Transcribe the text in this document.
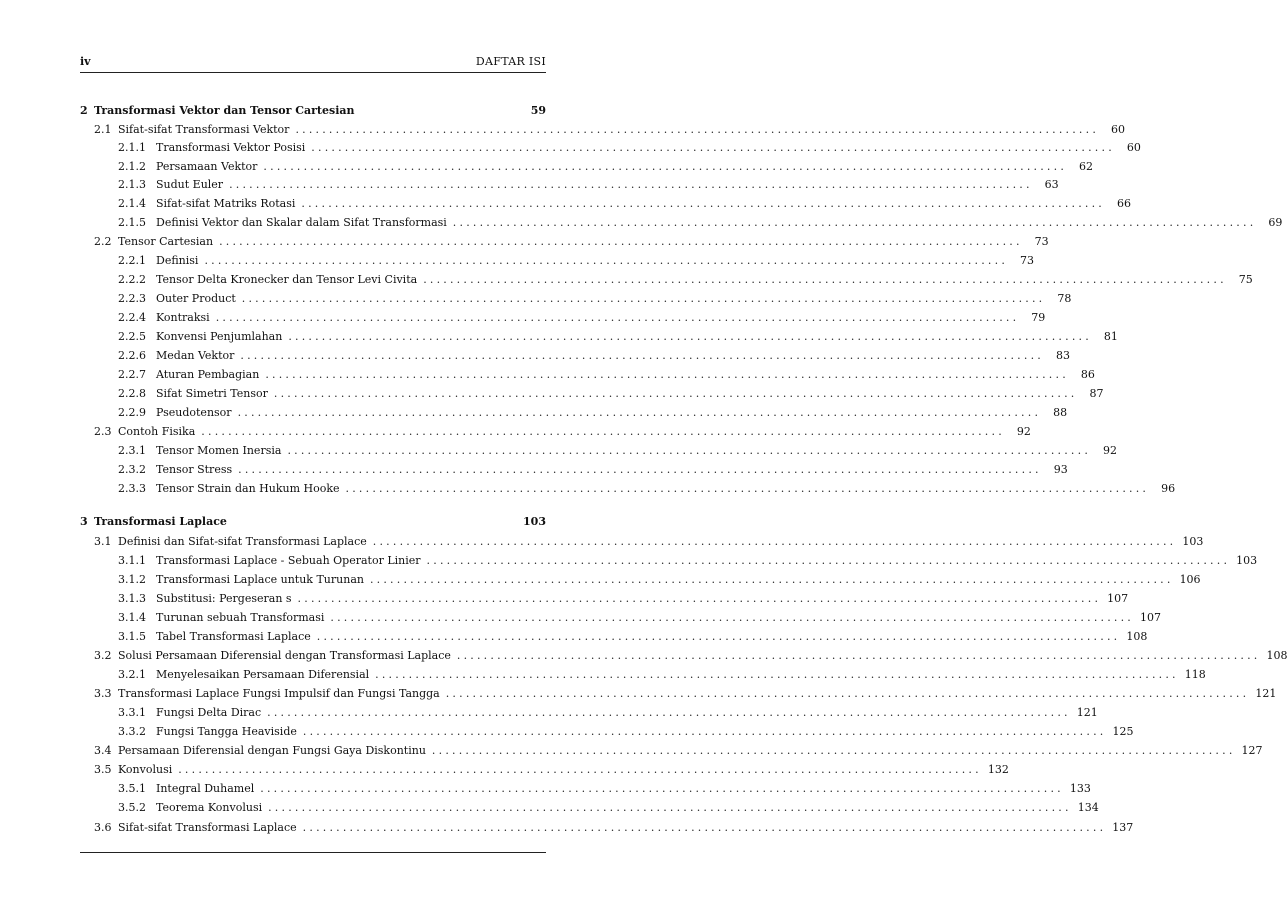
iv	DAFTAR ISI
2 Transformasi Vektor dan Tensor Cartesian	59
2.1 Sifat-sifat Transformasi Vektor ........................................................................................................................	60
2.1.1 Transformasi Vektor Posisi ........................................................................................................................	60
2.1.2 Persamaan Vektor ........................................................................................................................	62
2.1.3 Sudut Euler ........................................................................................................................	63
2.1.4 Sifat-sifat Matriks Rotasi ........................................................................................................................	66
2.1.5 Definisi Vektor dan Skalar dalam Sifat Transformasi ........................................................................................................................	69
2.2 Tensor Cartesian ........................................................................................................................	73
2.2.1 Definisi ........................................................................................................................	73
2.2.2 Tensor Delta Kronecker dan Tensor Levi Civita ........................................................................................................................	75
2.2.3 Outer Product ........................................................................................................................	78
2.2.4 Kontraksi ........................................................................................................................	79
2.2.5 Konvensi Penjumlahan ........................................................................................................................	81
2.2.6 Medan Vektor ........................................................................................................................	83
2.2.7 Aturan Pembagian ........................................................................................................................	86
2.2.8 Sifat Simetri Tensor ........................................................................................................................	87
2.2.9 Pseudotensor ........................................................................................................................	88
2.3 Contoh Fisika ........................................................................................................................	92
2.3.1 Tensor Momen Inersia ........................................................................................................................	92
2.3.2 Tensor Stress ........................................................................................................................	93
2.3.3 Tensor Strain dan Hukum Hooke ........................................................................................................................	96
3 Transformasi Laplace	103
3.1 Definisi dan Sifat-sifat Transformasi Laplace ........................................................................................................................ 103
3.1.1 Transformasi Laplace - Sebuah Operator Linier ........................................................................................................................ 103
3.1.2 Transformasi Laplace untuk Turunan ........................................................................................................................ 106
3.1.3 Substitusi: Pergeseran s ........................................................................................................................ 107
3.1.4 Turunan sebuah Transformasi ........................................................................................................................ 107
3.1.5 Tabel Transformasi Laplace ........................................................................................................................ 108
3.2 Solusi Persamaan Diferensial dengan Transformasi Laplace ........................................................................................................................ 108
3.2.1 Menyelesaikan Persamaan Diferensial ........................................................................................................................ 118
3.3 Transformasi Laplace Fungsi Impulsif dan Fungsi Tangga ........................................................................................................................ 121
3.3.1 Fungsi Delta Dirac ........................................................................................................................ 121
3.3.2 Fungsi Tangga Heaviside ........................................................................................................................ 125
3.4 Persamaan Diferensial dengan Fungsi Gaya Diskontinu ........................................................................................................................ 127
3.5 Konvolusi ........................................................................................................................ 132
3.5.1 Integral Duhamel ........................................................................................................................ 133
3.5.2 Teorema Konvolusi ........................................................................................................................ 134
3.6 Sifat-sifat Transformasi Laplace ........................................................................................................................ 137
